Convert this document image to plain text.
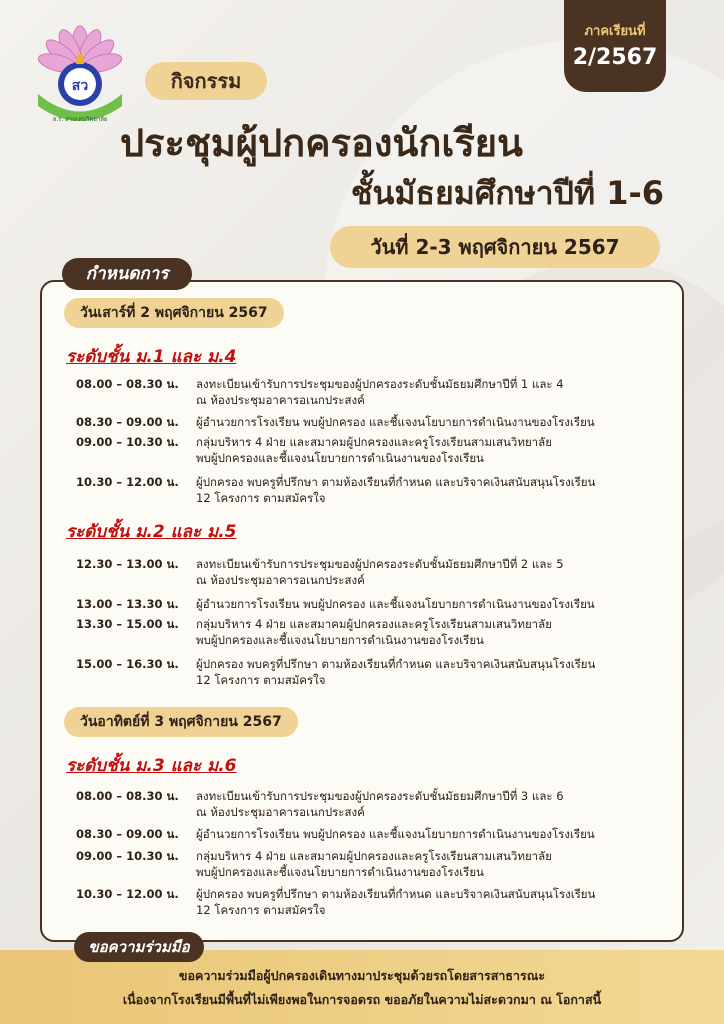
ภาคเรียนที่
2/2567
สว
ส.ร. สามเสนวิทยาลัย
กิจกรรม
ประชุมผู้ปกครองนักเรียน
ชั้นมัธยมศึกษาปีที่ 1-6
วันที่ 2-3 พฤศจิกายน 2567
กำหนดการ
วันเสาร์ที่ 2 พฤศจิกายน 2567
ระดับชั้น ม.1 และ ม.4
08.00 – 08.30 น. ลงทะเบียนเข้ารับการประชุมของผู้ปกครองระดับชั้นมัธยมศึกษาปีที่ 1 และ 4
ณ ห้องประชุมอาคารอเนกประสงค์
08.30 – 09.00 น. ผู้อำนวยการโรงเรียน พบผู้ปกครอง และชี้แจงนโยบายการดำเนินงานของโรงเรียน
09.00 – 10.30 น. กลุ่มบริหาร 4 ฝ่าย และสมาคมผู้ปกครองและครูโรงเรียนสามเสนวิทยาลัย
พบผู้ปกครองและชี้แจงนโยบายการดำเนินงานของโรงเรียน
10.30 – 12.00 น. ผู้ปกครอง พบครูที่ปรึกษา ตามห้องเรียนที่กำหนด และบริจาคเงินสนับสนุนโรงเรียน
12 โครงการ ตามสมัครใจ
ระดับชั้น ม.2 และ ม.5
12.30 – 13.00 น. ลงทะเบียนเข้ารับการประชุมของผู้ปกครองระดับชั้นมัธยมศึกษาปีที่ 2 และ 5
ณ ห้องประชุมอาคารอเนกประสงค์
13.00 – 13.30 น. ผู้อำนวยการโรงเรียน พบผู้ปกครอง และชี้แจงนโยบายการดำเนินงานของโรงเรียน
13.30 – 15.00 น. กลุ่มบริหาร 4 ฝ่าย และสมาคมผู้ปกครองและครูโรงเรียนสามเสนวิทยาลัย
พบผู้ปกครองและชี้แจงนโยบายการดำเนินงานของโรงเรียน
15.00 – 16.30 น. ผู้ปกครอง พบครูที่ปรึกษา ตามห้องเรียนที่กำหนด และบริจาคเงินสนับสนุนโรงเรียน
12 โครงการ ตามสมัครใจ
วันอาทิตย์ที่ 3 พฤศจิกายน 2567
ระดับชั้น ม.3 และ ม.6
08.00 – 08.30 น. ลงทะเบียนเข้ารับการประชุมของผู้ปกครองระดับชั้นมัธยมศึกษาปีที่ 3 และ 6
ณ ห้องประชุมอาคารอเนกประสงค์
08.30 – 09.00 น. ผู้อำนวยการโรงเรียน พบผู้ปกครอง และชี้แจงนโยบายการดำเนินงานของโรงเรียน
09.00 – 10.30 น. กลุ่มบริหาร 4 ฝ่าย และสมาคมผู้ปกครองและครูโรงเรียนสามเสนวิทยาลัย
พบผู้ปกครองและชี้แจงนโยบายการดำเนินงานของโรงเรียน
10.30 – 12.00 น. ผู้ปกครอง พบครูที่ปรึกษา ตามห้องเรียนที่กำหนด และบริจาคเงินสนับสนุนโรงเรียน
12 โครงการ ตามสมัครใจ
ขอความร่วมมือผู้ปกครองเดินทางมาประชุมด้วยรถโดยสารสาธารณะ
เนื่องจากโรงเรียนมีพื้นที่ไม่เพียงพอในการจอดรถ ขออภัยในความไม่สะดวกมา ณ โอกาสนี้
ขอความร่วมมือ
